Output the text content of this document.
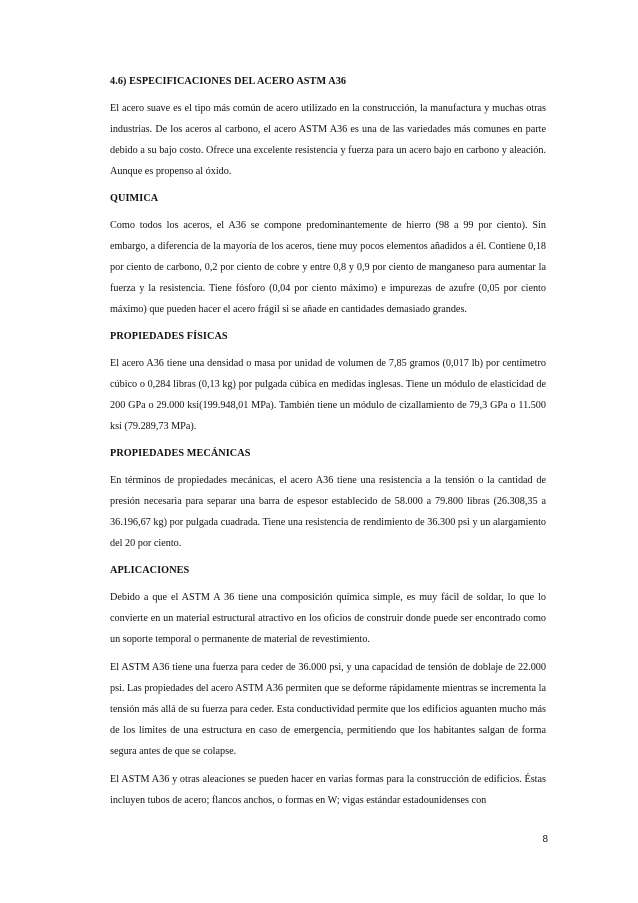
4.6) ESPECIFICACIONES DEL ACERO ASTM A36

El acero suave es el tipo más común de acero utilizado en la construcción, la manufactura y muchas otras industrias. De los aceros al carbono, el acero ASTM A36 es una de las variedades más comunes en parte debido a su bajo costo. Ofrece una excelente resistencia y fuerza para un acero bajo en carbono y aleación. Aunque es propenso al óxido.

QUIMICA

Como todos los aceros, el A36 se compone predominantemente de hierro (98 a 99 por ciento). Sin embargo, a diferencia de la mayoría de los aceros, tiene muy pocos elementos añadidos a él. Contiene 0,18 por ciento de carbono, 0,2 por ciento de cobre y entre 0,8 y 0,9 por ciento de manganeso para aumentar la fuerza y la resistencia. Tiene fósforo (0,04 por ciento máximo) e impurezas de azufre (0,05 por ciento máximo) que pueden hacer el acero frágil si se añade en cantidades demasiado grandes.

PROPIEDADES FÍSICAS

El acero A36 tiene una densidad o masa por unidad de volumen de 7,85 gramos (0,017 lb) por centímetro cúbico o 0,284 libras (0,13 kg) por pulgada cúbica en medidas inglesas. Tiene un módulo de elasticidad de 200 GPa o 29.000 ksi(199.948,01 MPa). También tiene un módulo de cizallamiento de 79,3 GPa o 11.500 ksi (79.289,73 MPa).

PROPIEDADES MECÁNICAS

En términos de propiedades mecánicas, el acero A36 tiene una resistencia a la tensión o la cantidad de presión necesaria para separar una barra de espesor establecido de 58.000 a 79.800 libras (26.308,35 a 36.196,67 kg) por pulgada cuadrada. Tiene una resistencia de rendimiento de 36.300 psi y un alargamiento del 20 por ciento.

APLICACIONES

Debido a que el ASTM A 36 tiene una composición química simple, es muy fácil de soldar, lo que lo convierte en un material estructural atractivo en los oficios de construir donde puede ser encontrado como un soporte temporal o permanente de material de revestimiento.

El ASTM A36 tiene una fuerza para ceder de 36.000 psi, y una capacidad de tensión de doblaje de 22.000 psi. Las propiedades del acero ASTM A36 permiten que se deforme rápidamente mientras se incrementa la tensión más allá de su fuerza para ceder. Esta conductividad permite que los edificios aguanten mucho más de los límites de una estructura en caso de emergencia, permitiendo que los habitantes salgan de forma segura antes de que se colapse.

El ASTM A36 y otras aleaciones se pueden hacer en varias formas para la construcción de edificios. Éstas incluyen tubos de acero; flancos anchos, o formas en W; vigas estándar estadounidenses con

8
